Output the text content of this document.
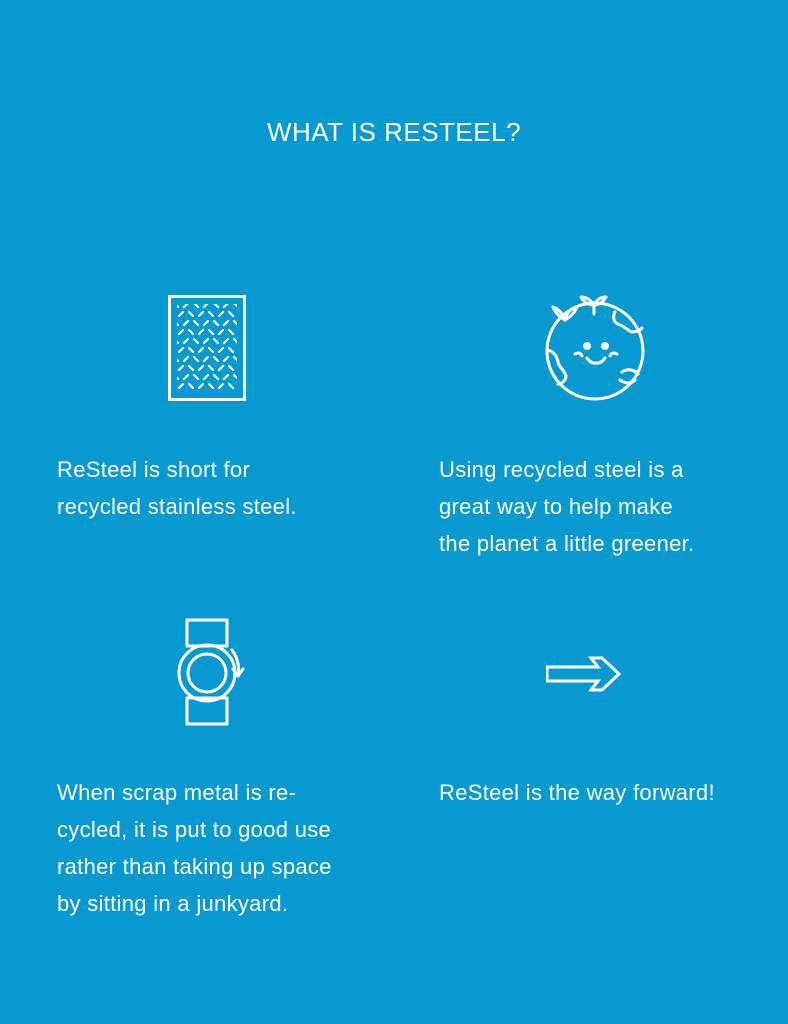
WHAT IS RESTEEL?
ReSteel is short for
recycled stainless steel.
Using recycled steel is a
great way to help make
the planet a little greener.
When scrap metal is re-
cycled, it is put to good use
rather than taking up space
by sitting in a junkyard.
ReSteel is the way forward!
